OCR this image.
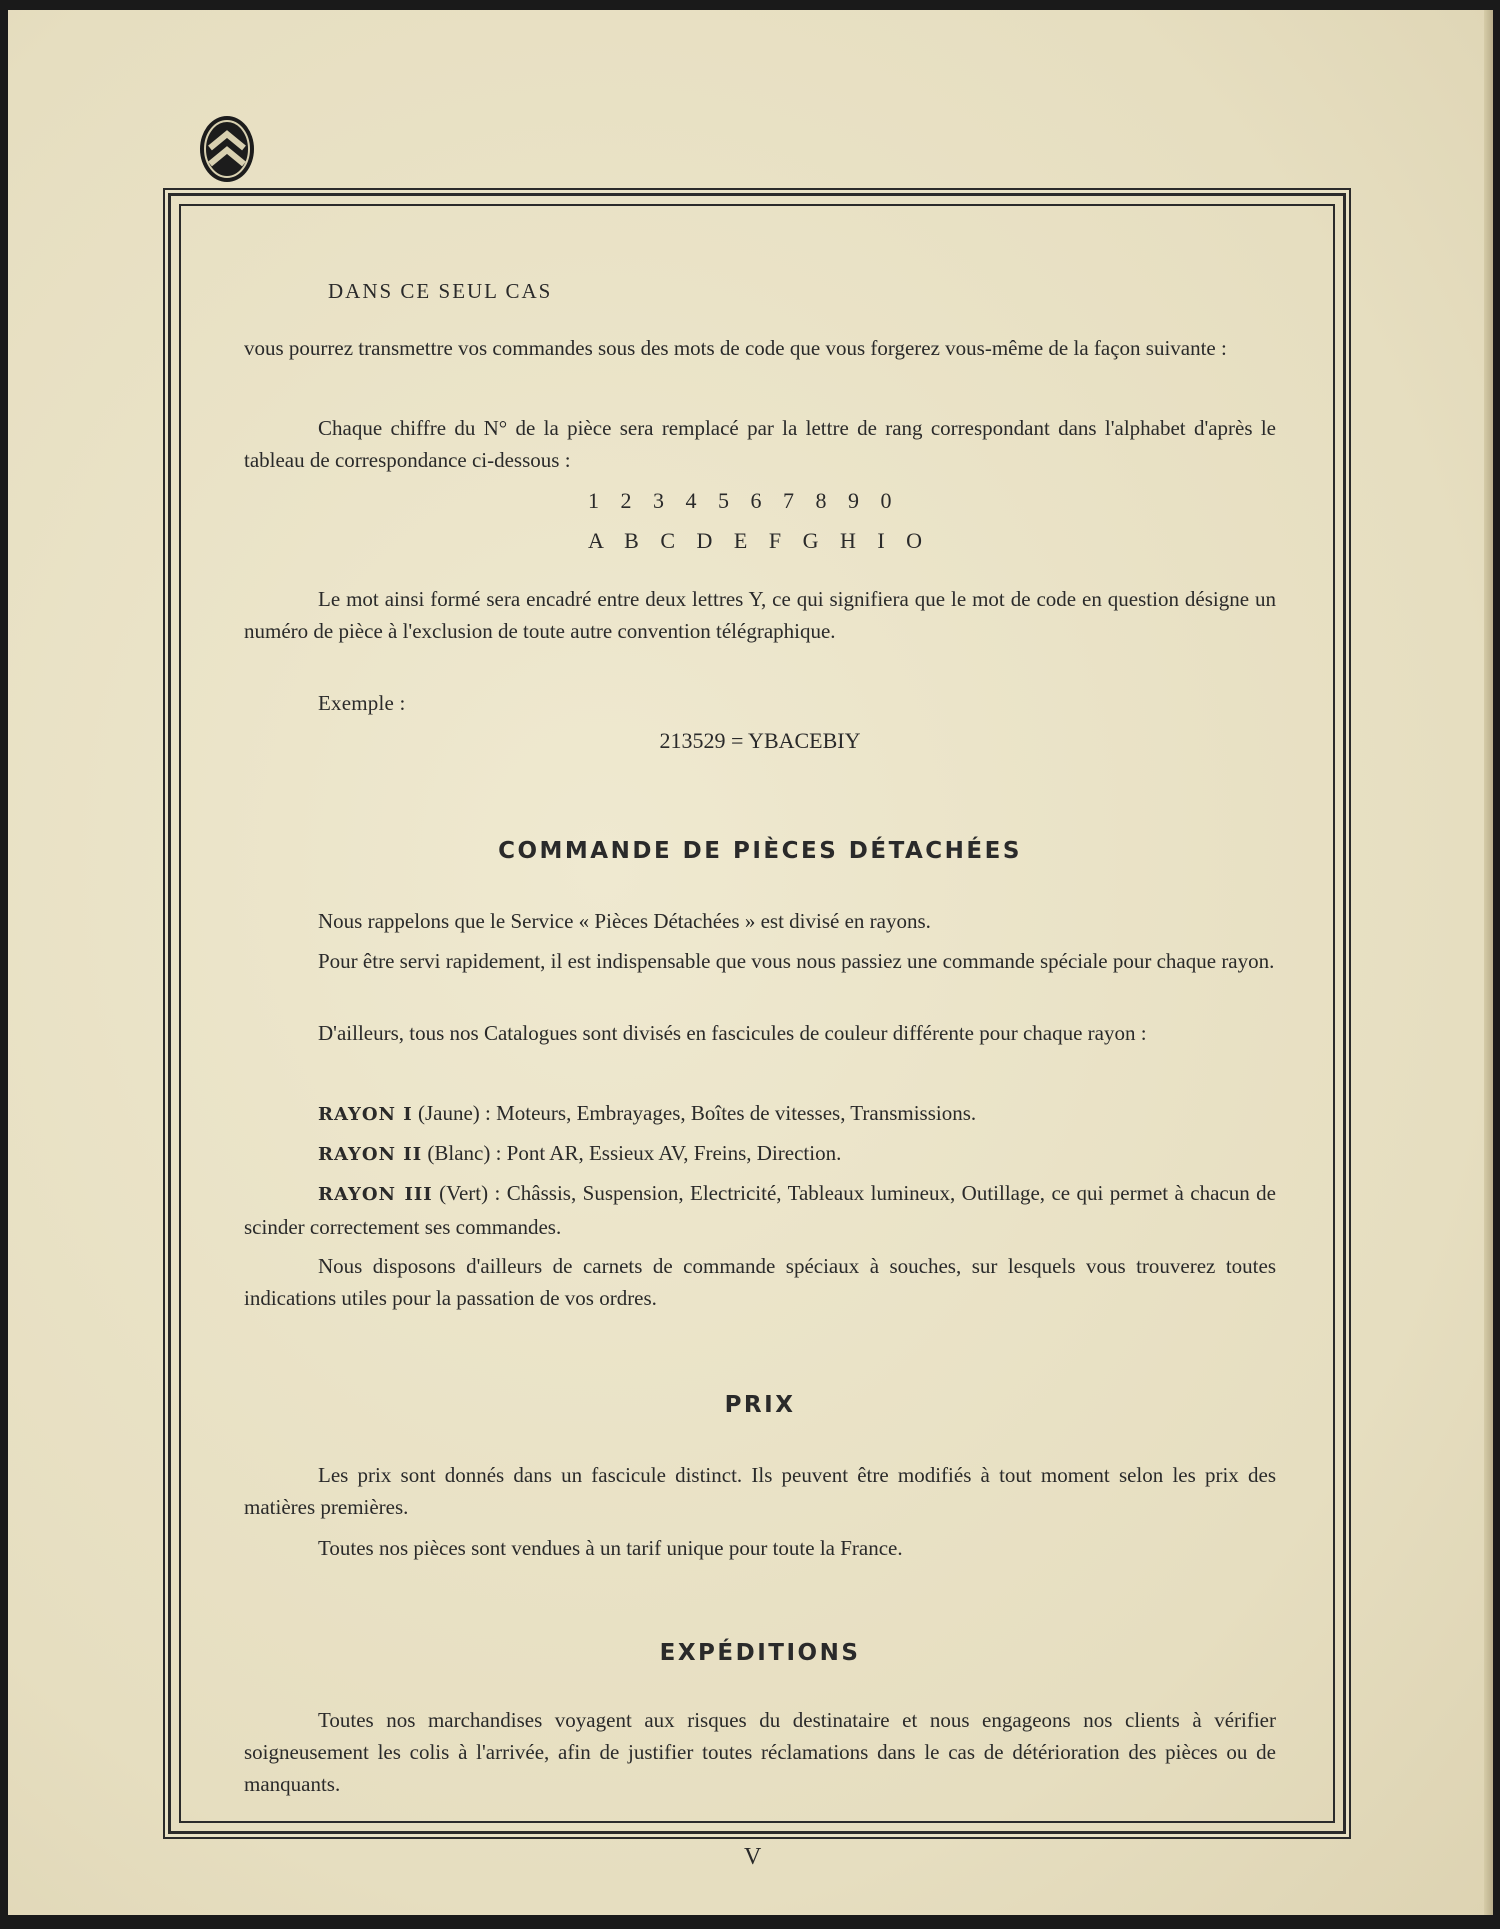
DANS CE SEUL CAS
vous pourrez transmettre vos commandes sous des mots de code que vous forgerez vous-même de la façon suivante :
Chaque chiffre du N° de la pièce sera remplacé par la lettre de rang correspondant dans l'alphabet d'après le tableau de correspondance ci-dessous :
1 2 3 4 5 6 7 8 9 0
A B C D E F G H I O
Le mot ainsi formé sera encadré entre deux lettres Y, ce qui signifiera que le mot de code en question désigne un numéro de pièce à l'exclusion de toute autre convention télégraphique.
Exemple :
213529 = YBACEBIY
COMMANDE DE PIÈCES DÉTACHÉES
Nous rappelons que le Service « Pièces Détachées » est divisé en rayons.
Pour être servi rapidement, il est indispensable que vous nous passiez une commande spéciale pour chaque rayon.
D'ailleurs, tous nos Catalogues sont divisés en fascicules de couleur différente pour chaque rayon :
RAYON I (Jaune) : Moteurs, Embrayages, Boîtes de vitesses, Transmissions.
RAYON II (Blanc) : Pont AR, Essieux AV, Freins, Direction.
RAYON III (Vert) : Châssis, Suspension, Electricité, Tableaux lumineux, Outillage, ce qui permet à chacun de scinder correctement ses commandes.
Nous disposons d'ailleurs de carnets de commande spéciaux à souches, sur lesquels vous trouverez toutes indications utiles pour la passation de vos ordres.
PRIX
Les prix sont donnés dans un fascicule distinct. Ils peuvent être modifiés à tout moment selon les prix des matières premières.
Toutes nos pièces sont vendues à un tarif unique pour toute la France.
EXPÉDITIONS
Toutes nos marchandises voyagent aux risques du destinataire et nous engageons nos clients à vérifier soigneusement les colis à l'arrivée, afin de justifier toutes réclamations dans le cas de détérioration des pièces ou de manquants.
V
